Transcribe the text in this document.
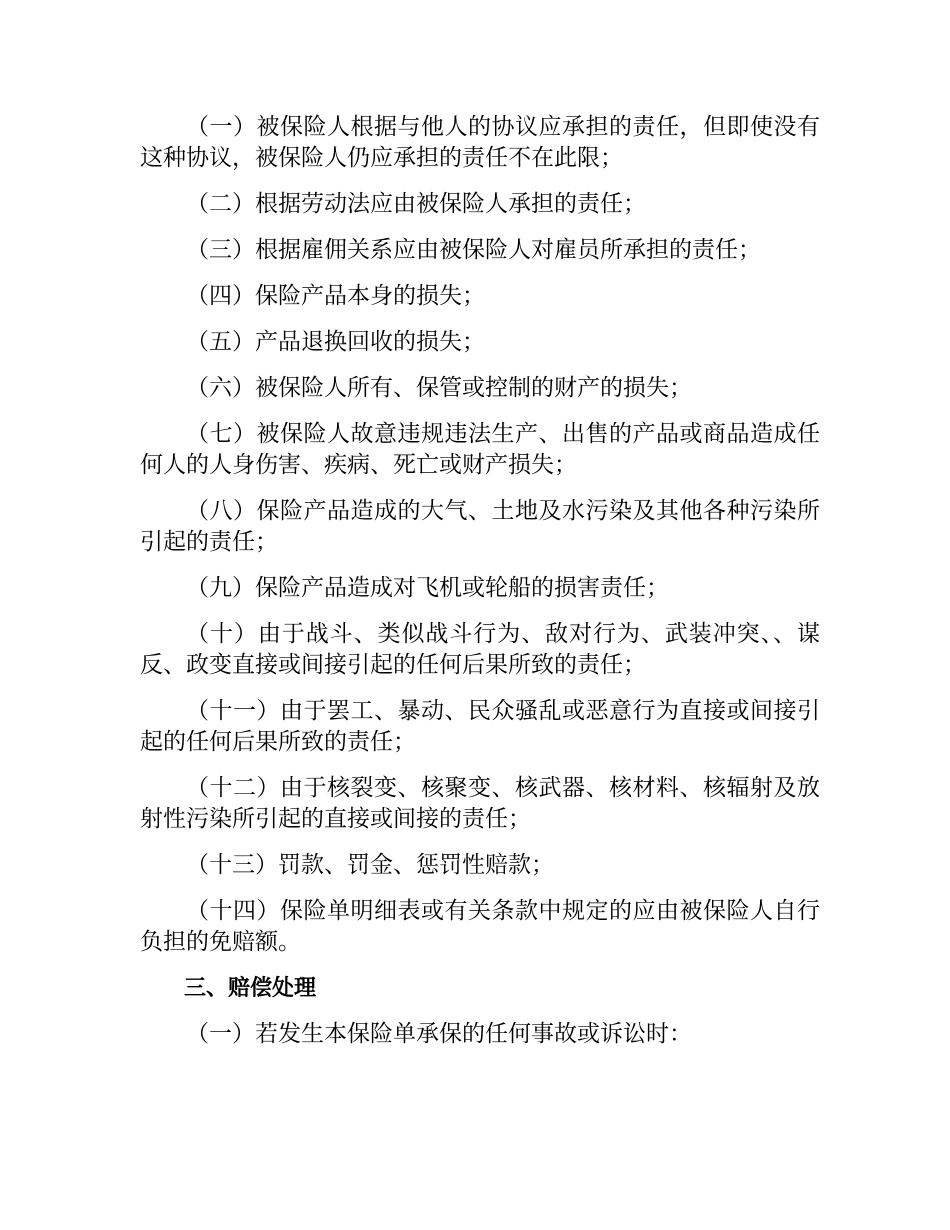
（一）被保险人根据与他人的协议应承担的责任，但即使没有这种协议，被保险人仍应承担的责任不在此限；

（二）根据劳动法应由被保险人承担的责任；

（三）根据雇佣关系应由被保险人对雇员所承担的责任；

（四）保险产品本身的损失；

（五）产品退换回收的损失；

（六）被保险人所有、保管或控制的财产的损失；

（七）被保险人故意违规违法生产、出售的产品或商品造成任何人的人身伤害、疾病、死亡或财产损失；

（八）保险产品造成的大气、土地及水污染及其他各种污染所引起的责任；

（九）保险产品造成对飞机或轮船的损害责任；

（十）由于战斗、类似战斗行为、敌对行为、武装冲突、、谋反、政变直接或间接引起的任何后果所致的责任；

（十一）由于罢工、暴动、民众骚乱或恶意行为直接或间接引起的任何后果所致的责任；

（十二）由于核裂变、核聚变、核武器、核材料、核辐射及放射性污染所引起的直接或间接的责任；

（十三）罚款、罚金、惩罚性赔款；

（十四）保险单明细表或有关条款中规定的应由被保险人自行负担的免赔额。

三、赔偿处理

（一）若发生本保险单承保的任何事故或诉讼时：
